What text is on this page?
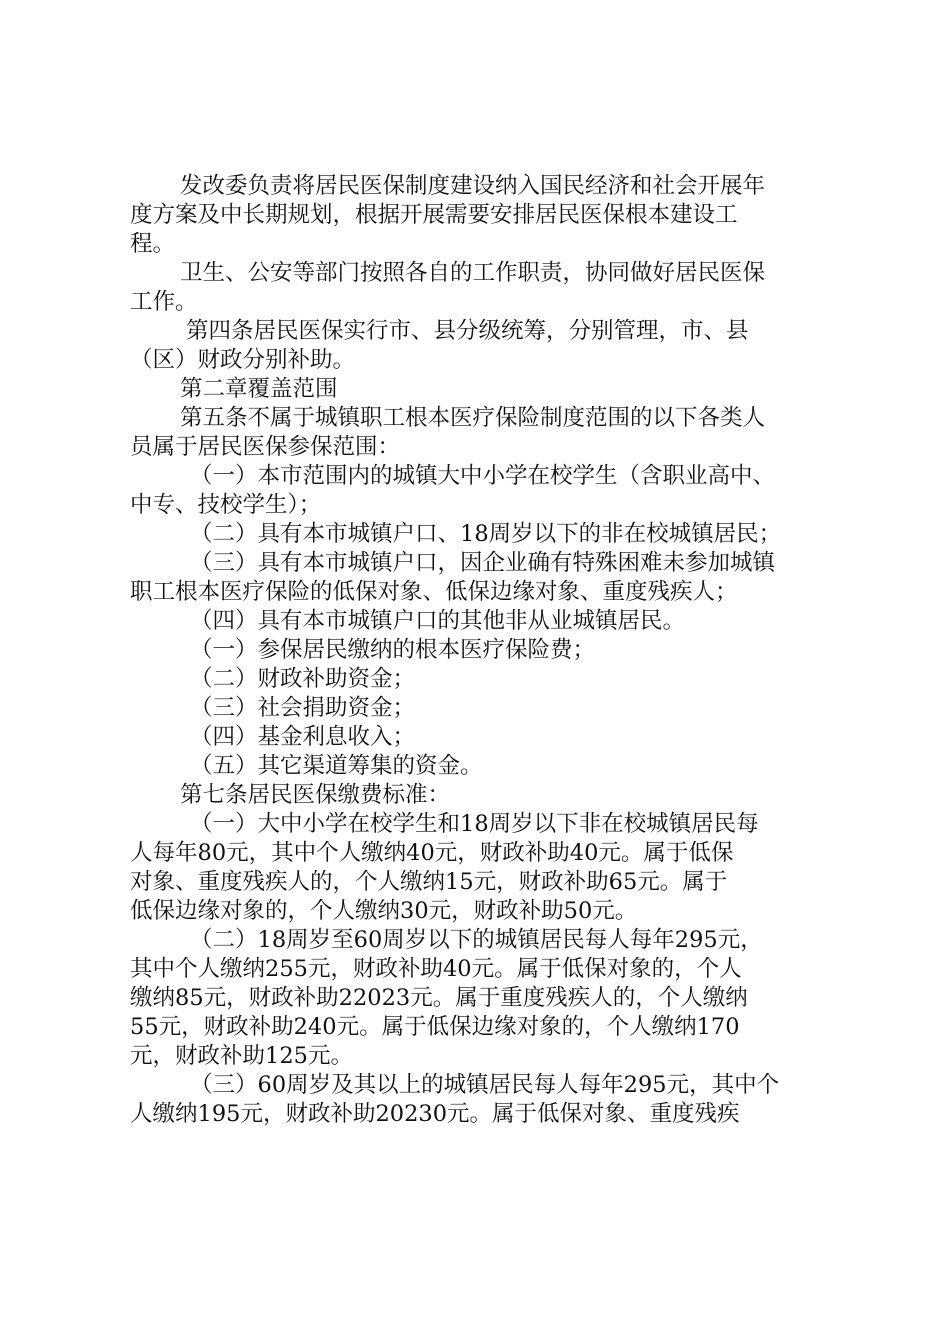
发改委负责将居民医保制度建设纳入国民经济和社会开展年
度方案及中长期规划，根据开展需要安排居民医保根本建设工
程。
卫生、公安等部门按照各自的工作职责，协同做好居民医保
工作。
第四条居民医保实行市、县分级统筹，分别管理，市、县
（区）财政分别补助。
第二章覆盖范围
第五条不属于城镇职工根本医疗保险制度范围的以下各类人
员属于居民医保参保范围：
（一）本市范围内的城镇大中小学在校学生（含职业高中、
中专、技校学生）；
（二）具有本市城镇户口、18周岁以下的非在校城镇居民；
（三）具有本市城镇户口，因企业确有特殊困难未参加城镇
职工根本医疗保险的低保对象、低保边缘对象、重度残疾人；
（四）具有本市城镇户口的其他非从业城镇居民。
（一）参保居民缴纳的根本医疗保险费；
（二）财政补助资金；
（三）社会捐助资金；
（四）基金利息收入；
（五）其它渠道筹集的资金。
第七条居民医保缴费标准：
（一）大中小学在校学生和18周岁以下非在校城镇居民每
人每年80元，其中个人缴纳40元，财政补助40元。属于低保
对象、重度残疾人的，个人缴纳15元，财政补助65元。属于
低保边缘对象的，个人缴纳30元，财政补助50元。
（二）18周岁至60周岁以下的城镇居民每人每年295元，
其中个人缴纳255元，财政补助40元。属于低保对象的，个人
缴纳85元，财政补助22023元。属于重度残疾人的，个人缴纳
55元，财政补助240元。属于低保边缘对象的，个人缴纳170
元，财政补助125元。
（三）60周岁及其以上的城镇居民每人每年295元，其中个
人缴纳195元，财政补助20230元。属于低保对象、重度残疾
